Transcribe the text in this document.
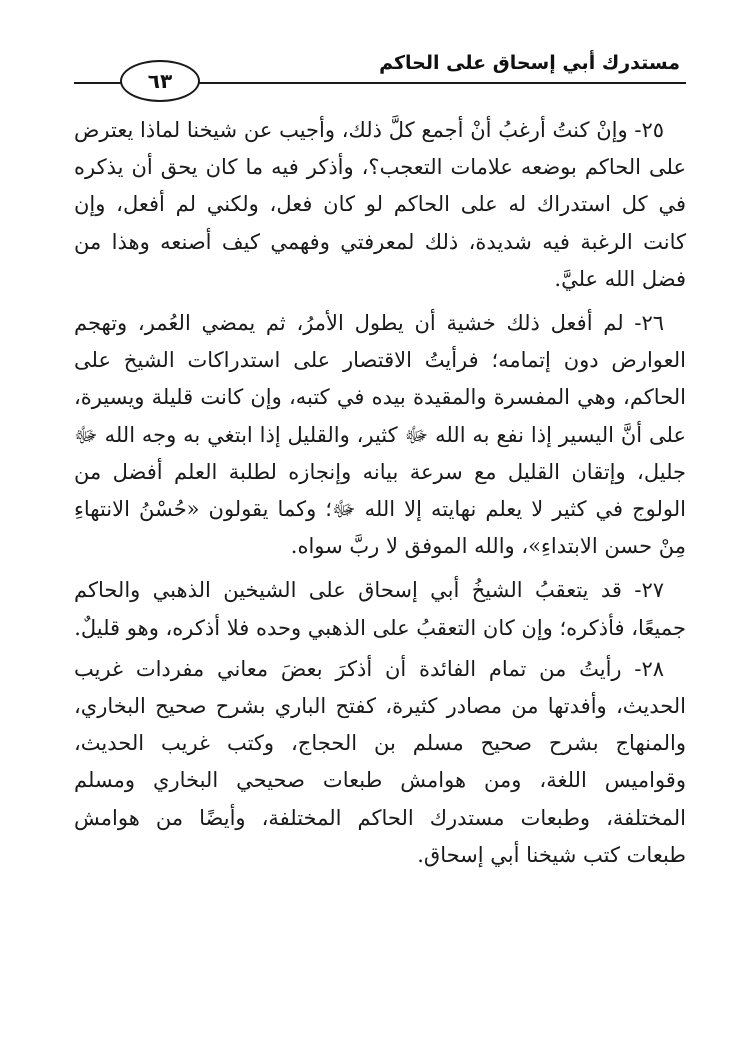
مستدرك أبي إسحاق على الحاكم
٦٣

٢٥- وإنْ كنتُ أرغبُ أنْ أجمع كلَّ ذلك، وأجيب عن شيخنا لماذا يعترض على الحاكم بوضعه علامات التعجب؟، وأذكر فيه ما كان يحق أن يذكره في كل استدراك له على الحاكم لو كان فعل، ولكني لم أفعل، وإن كانت الرغبة فيه شديدة، ذلك لمعرفتي وفهمي كيف أصنعه وهذا من فضل الله عليَّ.

٢٦- لم أفعل ذلك خشية أن يطول الأمرُ، ثم يمضي العُمر، وتهجم العوارض دون إتمامه؛ فرأيتُ الاقتصار على استدراكات الشيخ على الحاكم، وهي المفسرة والمقيدة بيده في كتبه، وإن كانت قليلة ويسيرة، على أنَّ اليسير إذا نفع به الله ﷻ كثير، والقليل إذا ابتغي به وجه الله ﷻ جليل، وإتقان القليل مع سرعة بيانه وإنجازه لطلبة العلم أفضل من الولوج في كثير لا يعلم نهايته إلا الله ﷻ؛ وكما يقولون «حُسْنُ الانتهاءِ مِنْ حسن الابتداءِ»، والله الموفق لا ربَّ سواه.

٢٧- قد يتعقبُ الشيخُ أبي إسحاق على الشيخين الذهبي والحاكم جميعًا، فأذكره؛ وإن كان التعقبُ على الذهبي وحده فلا أذكره، وهو قليلٌ.

٢٨- رأيتُ من تمام الفائدة أن أذكرَ بعضَ معاني مفردات غريب الحديث، وأفدتها من مصادر كثيرة، كفتح الباري بشرح صحيح البخاري، والمنهاج بشرح صحيح مسلم بن الحجاج، وكتب غريب الحديث، وقواميس اللغة، ومن هوامش طبعات صحيحي البخاري ومسلم المختلفة، وطبعات مستدرك الحاكم المختلفة، وأيضًا من هوامش طبعات كتب شيخنا أبي إسحاق.
